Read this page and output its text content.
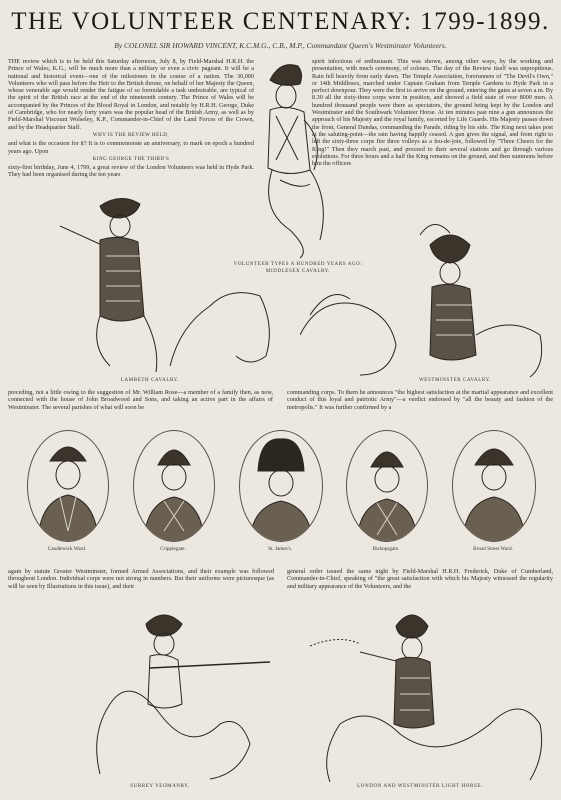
THE VOLUNTEER CENTENARY: 1799-1899.
By COLONEL SIR HOWARD VINCENT, K.C.M.G., C.B., M.P., Commandant Queen's Westminster Volunteers.

THE review which is to be held this Saturday afternoon, July 8, by Field-Marshal H.R.H. the Prince of Wales, K.G., will be much more than a military or even a civic pageant. It will be a national and historical event—one of the milestones in the course of a nation. The 30,000 Volunteers who will pass before the Heir to the British throne, on behalf of her Majesty the Queen, whose venerable age would render the fatigue of so formidable a task undesirable, are typical of the spirit of the British race at the end of the nineteenth century. The Prince of Wales will be accompanied by the Princes of the Blood Royal in London, and notably by H.R.H. George, Duke of Cambridge, who for nearly forty years was the popular head of the British Army, as well as by Field-Marshal Viscount Wolseley, K.P., Commander-in-Chief of the Land Forces of the Crown, and by the Headquarter Staff.

WHY IS THE REVIEW HELD,

and what is the occasion for it? It is to commemorate an anniversary, to mark on epoch a hundred years ago. Upon

KING GEORGE THE THIRD'S

sixty-first birthday, June 4, 1799, a great review of the London Volunteers was held in Hyde Park. They had been organised during the ten years

spirit infectious of enthusiasm. This was shown, among other ways, by the working and presentation, with much ceremony, of colours. The day of the Review itself was unpropitious. Rain fell heavily from early dawn. The Temple Association, forerunners of "The Devil's Own," or 14th Middlesex, marched under Captain Graham from Temple Gardens to Hyde Park in a perfect downpour. They were the first to arrive on the ground, entering the gates at seven a.m. By 8.30 all the sixty-three corps were in position, and showed a field state of over 8000 men. A hundred thousand people were there as spectators, the ground being kept by the London and Westminster and the Southwark Volunteer Horse. At ten minutes past nine a gun announces the approach of his Majesty and the royal family, escorted by Life Guards. His Majesty passes down the front, General Dundas, commanding the Parade, riding by his side. The King next takes post at the saluting-point—the rain having happily ceased. A gun gives the signal, and from right to left the sixty-three corps fire three volleys as a feu-de-joie, followed by "Three Cheers for the King!" Then they march past, and proceed to their several stations and go through various evolutions. For three hours and a half the King remains on the ground, and then summons before him the officers

VOLUNTEER TYPES A HUNDRED YEARS AGO:
MIDDLESEX CAVALRY.
LAMBETH CAVALRY.	WESTMINSTER CAVALRY.
preceding, not a little owing to the suggestion of Mr. William Rose—a member of a family then, as now, connected with the house of John Broadwood and Sons, and taking an active part in the affairs of Westminster. The several parishes of what will soon be
commanding corps. To them he announces "the highest satisfaction at the martial appearance and excellent conduct of this loyal and patriotic Army"—a verdict endorsed by "all the beauty and fashion of the metropolis." It was further confirmed by a
Candlewick Ward.	Cripplegate.	St. James's.	Bishopsgate.	Broad Street Ward.
again by statute Greater Westminster, formed Armed Associations, and their example was followed throughout London. Individual corps were not strong in numbers. But their uniforms were picturesque (as will be seen by Illustrations in this issue), and their
general order issued the same night by Field-Marshal H.R.H. Frederick, Duke of Cumberland, Commander-in-Chief, speaking of "the great satisfaction with which his Majesty witnessed the regularity and military appearance of the Volunteers, and the
SURREY YEOMANRY.	LONDON AND WESTMINSTER LIGHT HORSE.
